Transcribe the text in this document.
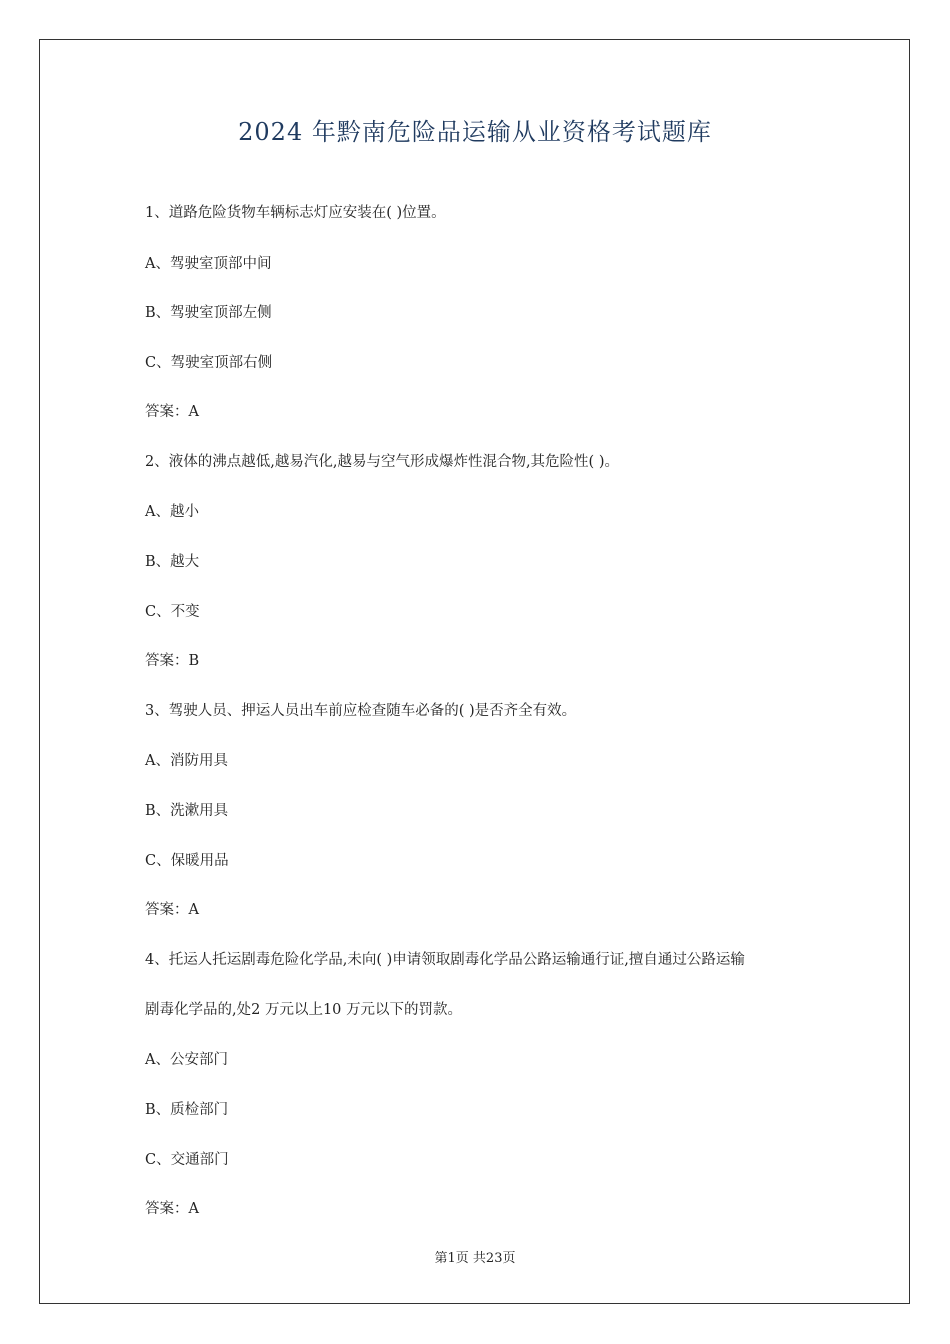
2024 年黔南危险品运输从业资格考试题库
1、道路危险货物车辆标志灯应安装在( )位置。
A、驾驶室顶部中间
B、驾驶室顶部左侧
C、驾驶室顶部右侧
答案：A
2、液体的沸点越低,越易汽化,越易与空气形成爆炸性混合物,其危险性( )。
A、越小
B、越大
C、不变
答案：B
3、驾驶人员、押运人员出车前应检查随车必备的( )是否齐全有效。
A、消防用具
B、洗漱用具
C、保暖用品
答案：A
4、托运人托运剧毒危险化学品,未向( )申请领取剧毒化学品公路运输通行证,擅自通过公路运输
剧毒化学品的,处2 万元以上10 万元以下的罚款。
A、公安部门
B、质检部门
C、交通部门
答案：A
第1页 共23页
